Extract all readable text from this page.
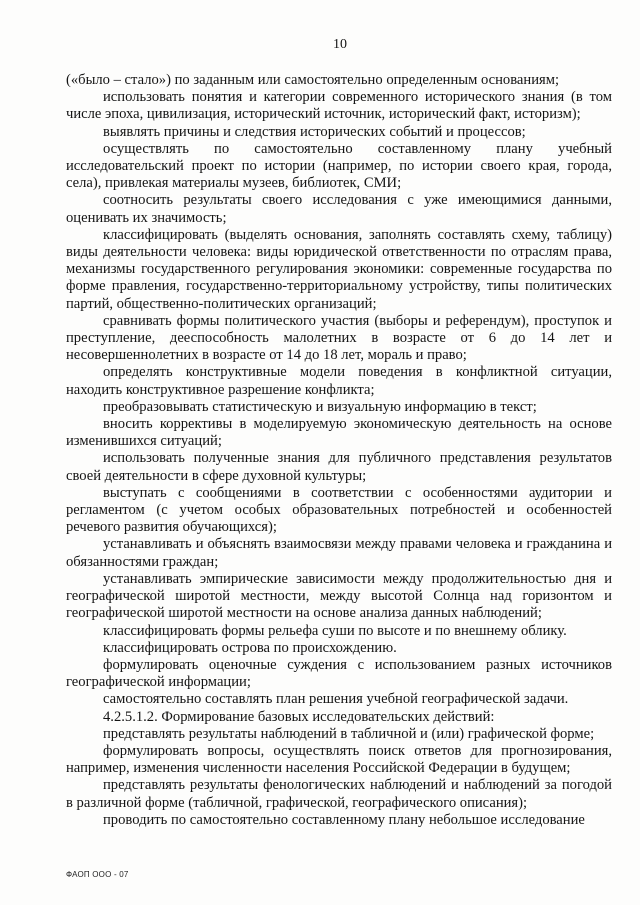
10

(«было – стало») по заданным или самостоятельно определенным основаниям;

использовать понятия и категории современного исторического знания (в том числе эпоха, цивилизация, исторический источник, исторический факт, историзм);

выявлять причины и следствия исторических событий и процессов;

осуществлять по самостоятельно составленному плану учебный исследовательский проект по истории (например, по истории своего края, города, села), привлекая материалы музеев, библиотек, СМИ;

соотносить результаты своего исследования с уже имеющимися данными, оценивать их значимость;

классифицировать (выделять основания, заполнять составлять схему, таблицу) виды деятельности человека: виды юридической ответственности по отраслям права, механизмы государственного регулирования экономики: современные государства по форме правления, государственно-территориальному устройству, типы политических партий, общественно-политических организаций;

сравнивать формы политического участия (выборы и референдум), проступок и преступление, дееспособность малолетних в возрасте от 6 до 14 лет и несовершеннолетних в возрасте от 14 до 18 лет, мораль и право;

определять конструктивные модели поведения в конфликтной ситуации, находить конструктивное разрешение конфликта;

преобразовывать статистическую и визуальную информацию в текст;

вносить коррективы в моделируемую экономическую деятельность на основе изменившихся ситуаций;

использовать полученные знания для публичного представления результатов своей деятельности в сфере духовной культуры;

выступать с сообщениями в соответствии с особенностями аудитории и регламентом (с учетом особых образовательных потребностей и особенностей речевого развития обучающихся);

устанавливать и объяснять взаимосвязи между правами человека и гражданина и обязанностями граждан;

устанавливать эмпирические зависимости между продолжительностью дня и географической широтой местности, между высотой Солнца над горизонтом и географической широтой местности на основе анализа данных наблюдений;

классифицировать формы рельефа суши по высоте и по внешнему облику.

классифицировать острова по происхождению.

формулировать оценочные суждения с использованием разных источников географической информации;

самостоятельно составлять план решения учебной географической задачи.

4.2.5.1.2. Формирование базовых исследовательских действий:

представлять результаты наблюдений в табличной и (или) графической форме;

формулировать вопросы, осуществлять поиск ответов для прогнозирования, например, изменения численности населения Российской Федерации в будущем;

представлять результаты фенологических наблюдений и наблюдений за погодой в различной форме (табличной, графической, географического описания);

проводить по самостоятельно составленному плану небольшое исследование

ФАОП ООО - 07
